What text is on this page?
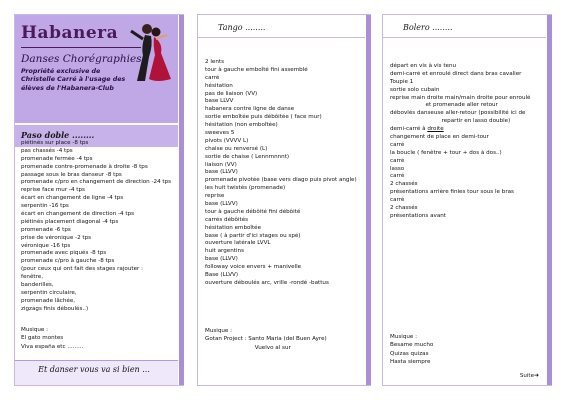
Habanera
Danses Chorégraphies
Propriété exclusive de Christelle Carré à l'usage des élèves de l'Habanera-Club
Paso doble ........
piétinés sur place -8 tps
pas chassés -4 tps
promenade fermée -4 tps
promenade contre-promenade à droite -8 tps
passage sous le bras danseur -8 tps
promenade c/pro en changement de direction -24 tps
reprise face mur -4 tps
écart en changement de ligne -4 tps
serpentin -16 tps
écart en changement de direction -4 tps
piétinés placement diagonal -4 tps
promenade -6 tps
prise de véronique -2 tps
véronique -16 tps
promenade avec piqués -8 tps
promenade c/pro à gauche -8 tps
(pour ceux qui ont fait des stages rajouter :
fenêtre,
banderilles,
serpentin circulaire,
promenade lâchée,
zigzags finis déboulés..)
Musique :
El gato montes
Viva españa etc .........
Et danser vous va si bien ...
Tango ........
2 lents
tour à gauche emboîté fini assemblé
carré
hésitation
pas de liaison (VV)
base LLVV
habanera contre ligne de danse
sortie emboîtée puis débôitée ( face mur)
hésitation (non emboîtée)
sweeves 5
pivots (VVVV L)
chaise ou renversé (L)
sortie de chaise ( Lennmnnnt)
liaison (VV)
base (LLVV)
promenade pivotée (base vers diago puis pivot angle)
les huit twistés (promenade)
reprise
base (LLVV)
tour à gauche débôité fini débôité
carrés débôités
hésitation emboîtée
base ( à partir d'ici stages ou spé)
ouverture latérale LVVL
huit argentins
base (LLVV)
followay voice envers + manivelle
Base (LLVV)
ouverture déboulés arc, vrille -rondé -battus
Musique :
Gotan Project : Santo Maria (del Buen Ayre)
Vuelvo al sur
Bolero ........
départ en vis à vis tenu
demi-carré et enroulé direct dans bras cavalier
Toupie 1
sortie solo cubain
reprise main droite main/main droite pour enroulé
et promenade aller retour
débovlés danseuse aller-retour (possibilité ici de
repartir en lasso double)
demi-carré à droite
changement de place en demi-tour
carré
la boucle ( fenêtre + tour + dos à dos..)
carré
lasso
carré
2 chassés
présentations arrière finies tour sous le bras
carré
2 chassés
présentations avant
Musique :
Besame mucho
Quizas quizas
Hasta siempre
Suite➜
